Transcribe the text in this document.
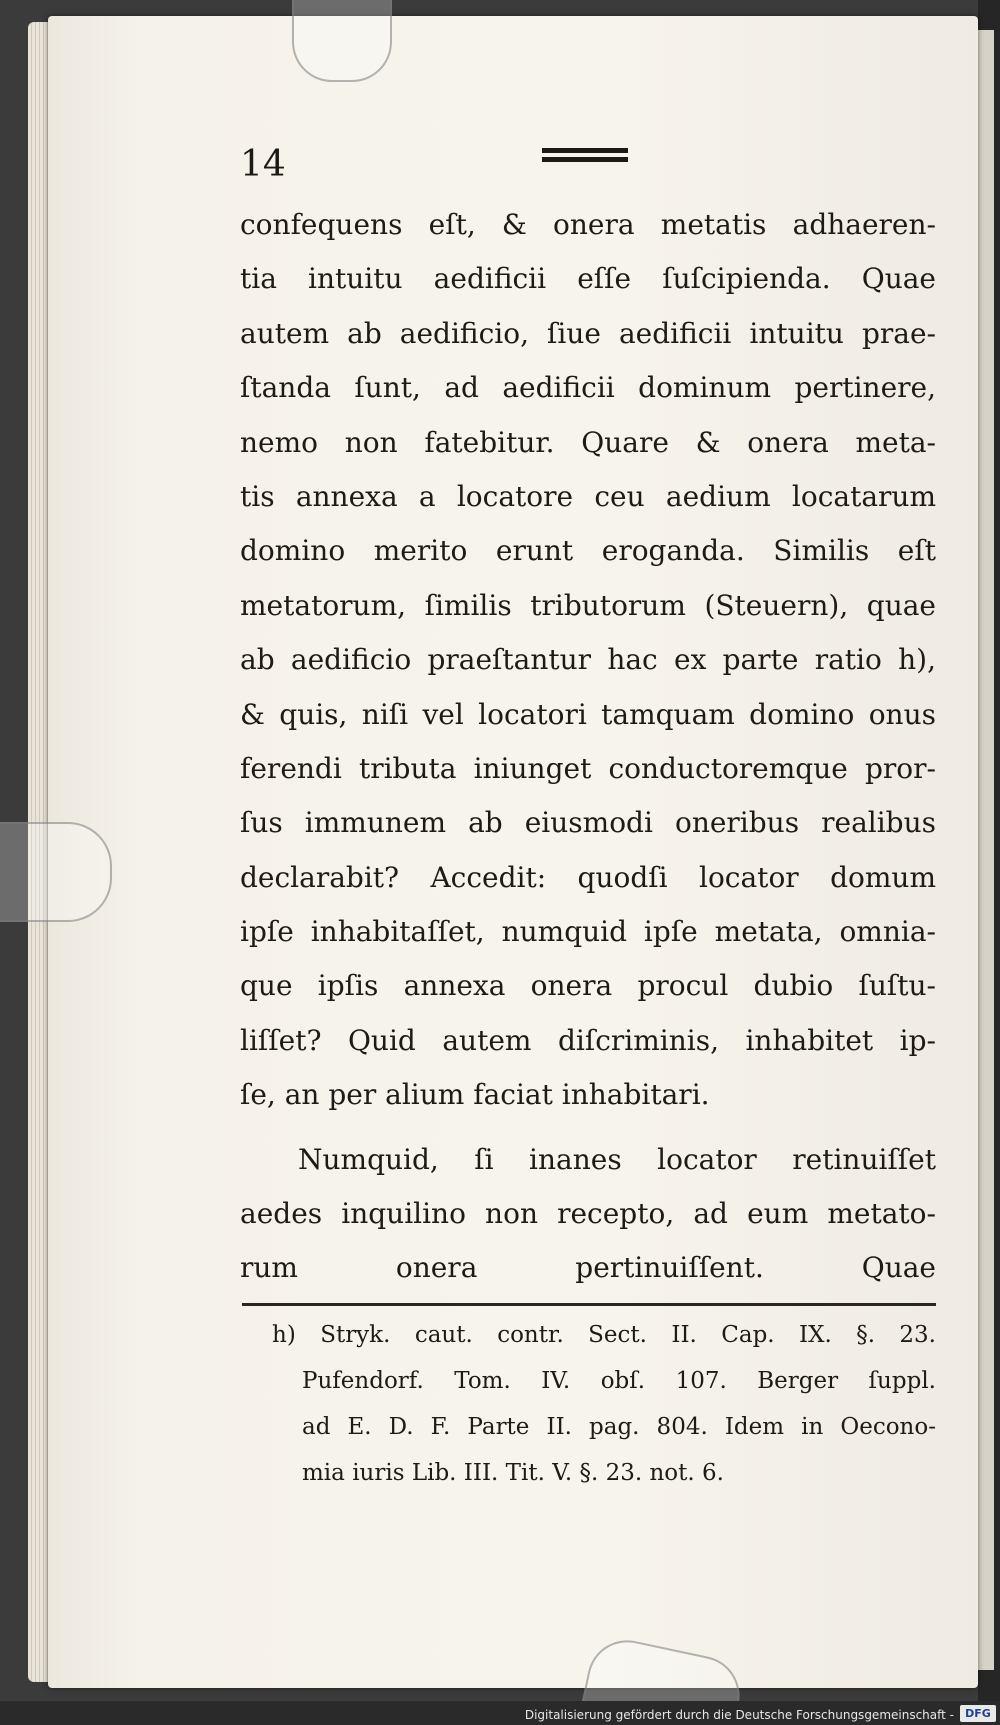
14
confequens eſt, & onera metatis adhaeren-
tia intuitu aedificii eſſe ſuſcipienda. Quae
autem ab aedificio, ſiue aedificii intuitu prae-
ſtanda ſunt, ad aedificii dominum pertinere,
nemo non fatebitur. Quare & onera meta-
tis annexa a locatore ceu aedium locatarum
domino merito erunt eroganda. Similis eſt
metatorum, ſimilis tributorum (Steuern), quae
ab aedificio praeſtantur hac ex parte ratio h),
& quis, niſi vel locatori tamquam domino onus
ferendi tributa iniunget conductoremque pror-
ſus immunem ab eiusmodi oneribus realibus
declarabit? Accedit: quodſi locator domum
ipſe inhabitaſſet, numquid ipſe metata, omnia-
que ipſis annexa onera procul dubio ſuſtu-
liſſet? Quid autem diſcriminis, inhabitet ip-
ſe, an per alium faciat inhabitari.
Numquid, ſi inanes locator retinuiſſet
aedes inquilino non recepto, ad eum metato-
rum onera pertinuiſſent. Quae
h) Stryk. caut. contr. Sect. II. Cap. IX. §. 23.
Pufendorf. Tom. IV. obſ. 107. Berger ſuppl.
ad E. D. F. Parte II. pag. 804. Idem in Oecono-
mia iuris Lib. III. Tit. V. §. 23. not. 6.
Digitalisierung gefördert durch die Deutsche Forschungsgemeinschaft -	DFG
